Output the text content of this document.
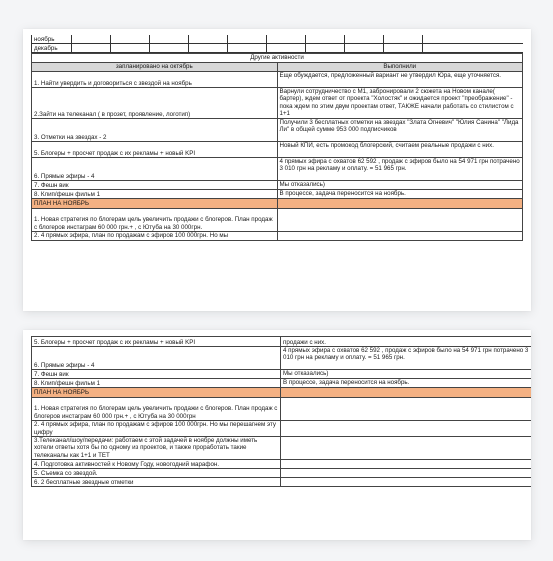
ноябрь
декабрь
Другие активности	
запланировано на октябрь	Выполнили
1. Найти увердить и договориться с звездой на ноябрь	Еще обуждается, предложенный вариант не утвердил Юра, еще уточняется.
2.Зайти на телеканал ( в прозет, проявление, логотип)	Варнули сотрудничество с М1, забронировали 2 сюжета на Новом канале( бартер), ждем ответ от проекта "Холостяк" и ожидается проект "преображение" - пока ждем по этим двум проектам ответ, ТАКЖЕ начали работать со стилистом с 1+1
3. Отметки на звездах - 2	Получили 3 бесплатных отметки на звездах "Злата Огневич" "Юлия Санина" "Лида Ли" в общей сумме 953 000 подписчиков
5. Блогеры + просчет продаж с их рекламы + новый KPI	Новый КПИ, есть промокод блогерский, считаем реальные продажи с них.
6. Прямые эфиры - 4	4 прямых эфира с охватов 62 592 , продаж с эфиров было на 54 971 грн потрачено 3 010 грн на рекламу и оплату. = 51 965 грн.
7. Фешн вик	Мы отказались)
8. Клип/фешн фильм 1	В процессе, задача переносится на ноябрь.
ПЛАН НА НОЯБРЬ	
1. Новая стратегия по блогерам цель увеличить продажи с блогеров. План продаж с блогеров инстаграм 60 000 грн.+ , с Ютуба на 30 000грн.	
2. 4 прямых эфира, план по продажам с эфиров 100 000грн. Но мы	
5. Блогеры + просчет продаж с их рекламы + новый KPI	продажи с них.
6. Прямые эфиры - 4	4 прямых эфира с охватов 62 592 , продаж с эфиров было на 54 971 грн потрачено 3 010 грн на рекламу и оплату. = 51 965 грн.
7. Фешн вик	Мы отказались)
8. Клип/фешн фильм 1	В процессе, задача переносится на ноябрь.
ПЛАН НА НОЯБРЬ	
1. Новая стратегия по блогерам цель увеличить продажи с блогеров. План продаж с блогеров инстаграм 60 000 грн.+ , с Ютуба на 30 000грн	
2. 4 прямых эфира, план по продажам с эфиров 100 000грн. Но мы перешагнем эту цифру	
3.Телеканал/шоу/передачи: работаем с этой задачей в ноябре должны иметь хотели ответы хотя бы по одному из проектов, и также проработать такие телеканалы как 1+1 и ТЕТ	
4. Подготовка активностей к Новому Году, новогодний марафон.	
5. Съемка со звездой.	
6. 2 бесплатные звездные отметки	
